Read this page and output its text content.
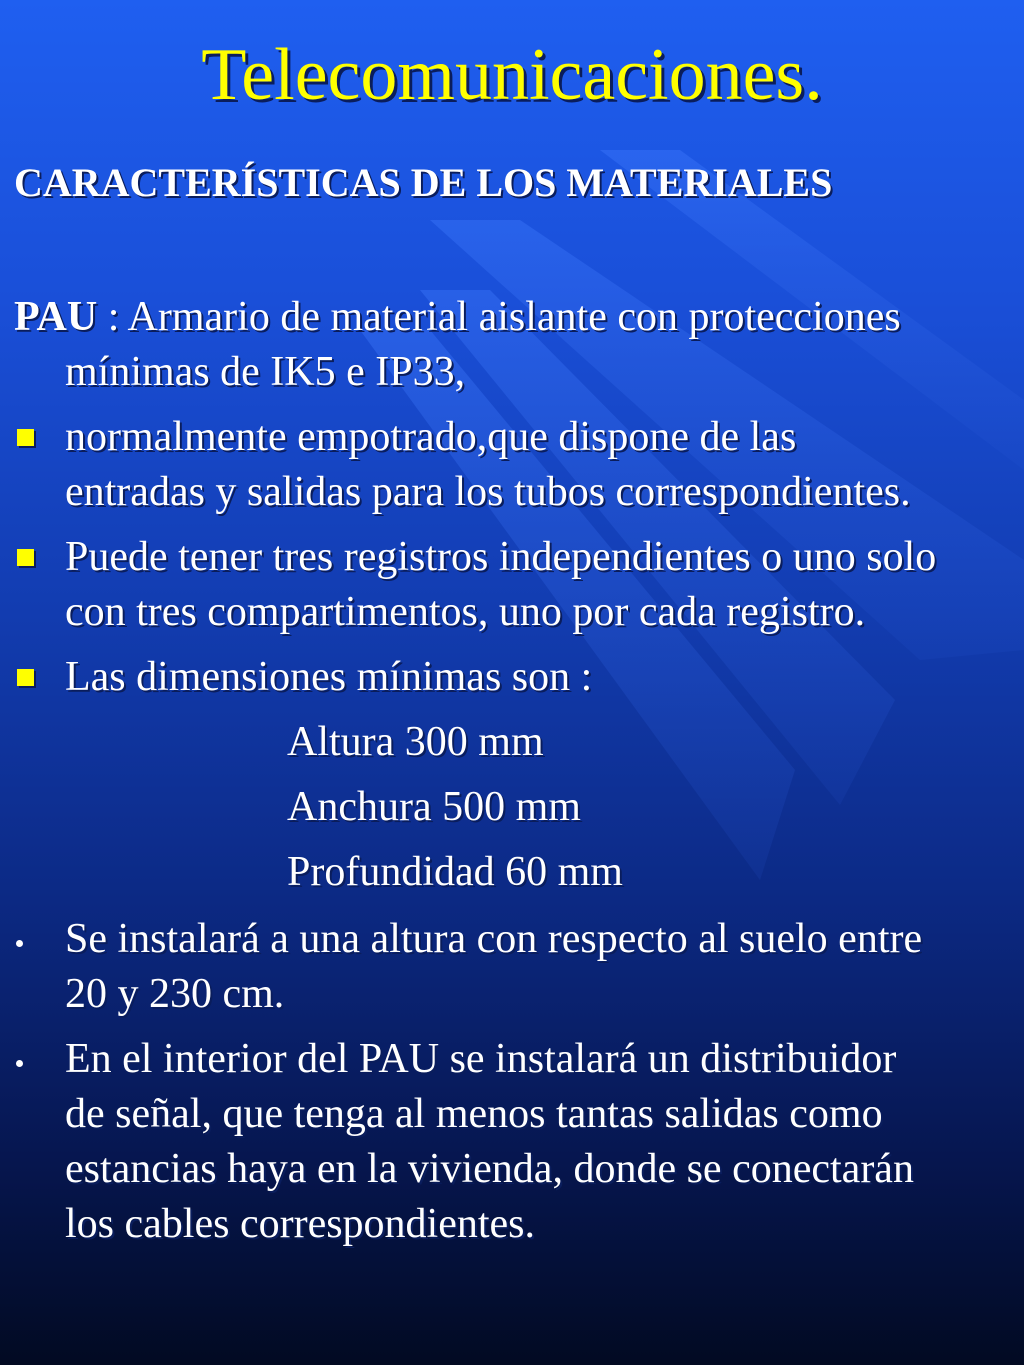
Telecomunicaciones.
CARACTERÍSTICAS DE LOS MATERIALES
PAU : Armario de material aislante con protecciones
mínimas de IK5 e IP33,
normalmente empotrado,que dispone de las
entradas y salidas para los tubos correspondientes.
Puede tener tres registros independientes o uno solo
con tres compartimentos, uno por cada registro.
Las dimensiones mínimas son :
Altura 300 mm
Anchura 500 mm
Profundidad 60 mm
Se instalará a una altura con respecto al suelo entre
20 y 230 cm.
En el interior del PAU se instalará un distribuidor
de señal, que tenga al menos tantas salidas como
estancias haya en la vivienda, donde se conectarán
los cables correspondientes.
